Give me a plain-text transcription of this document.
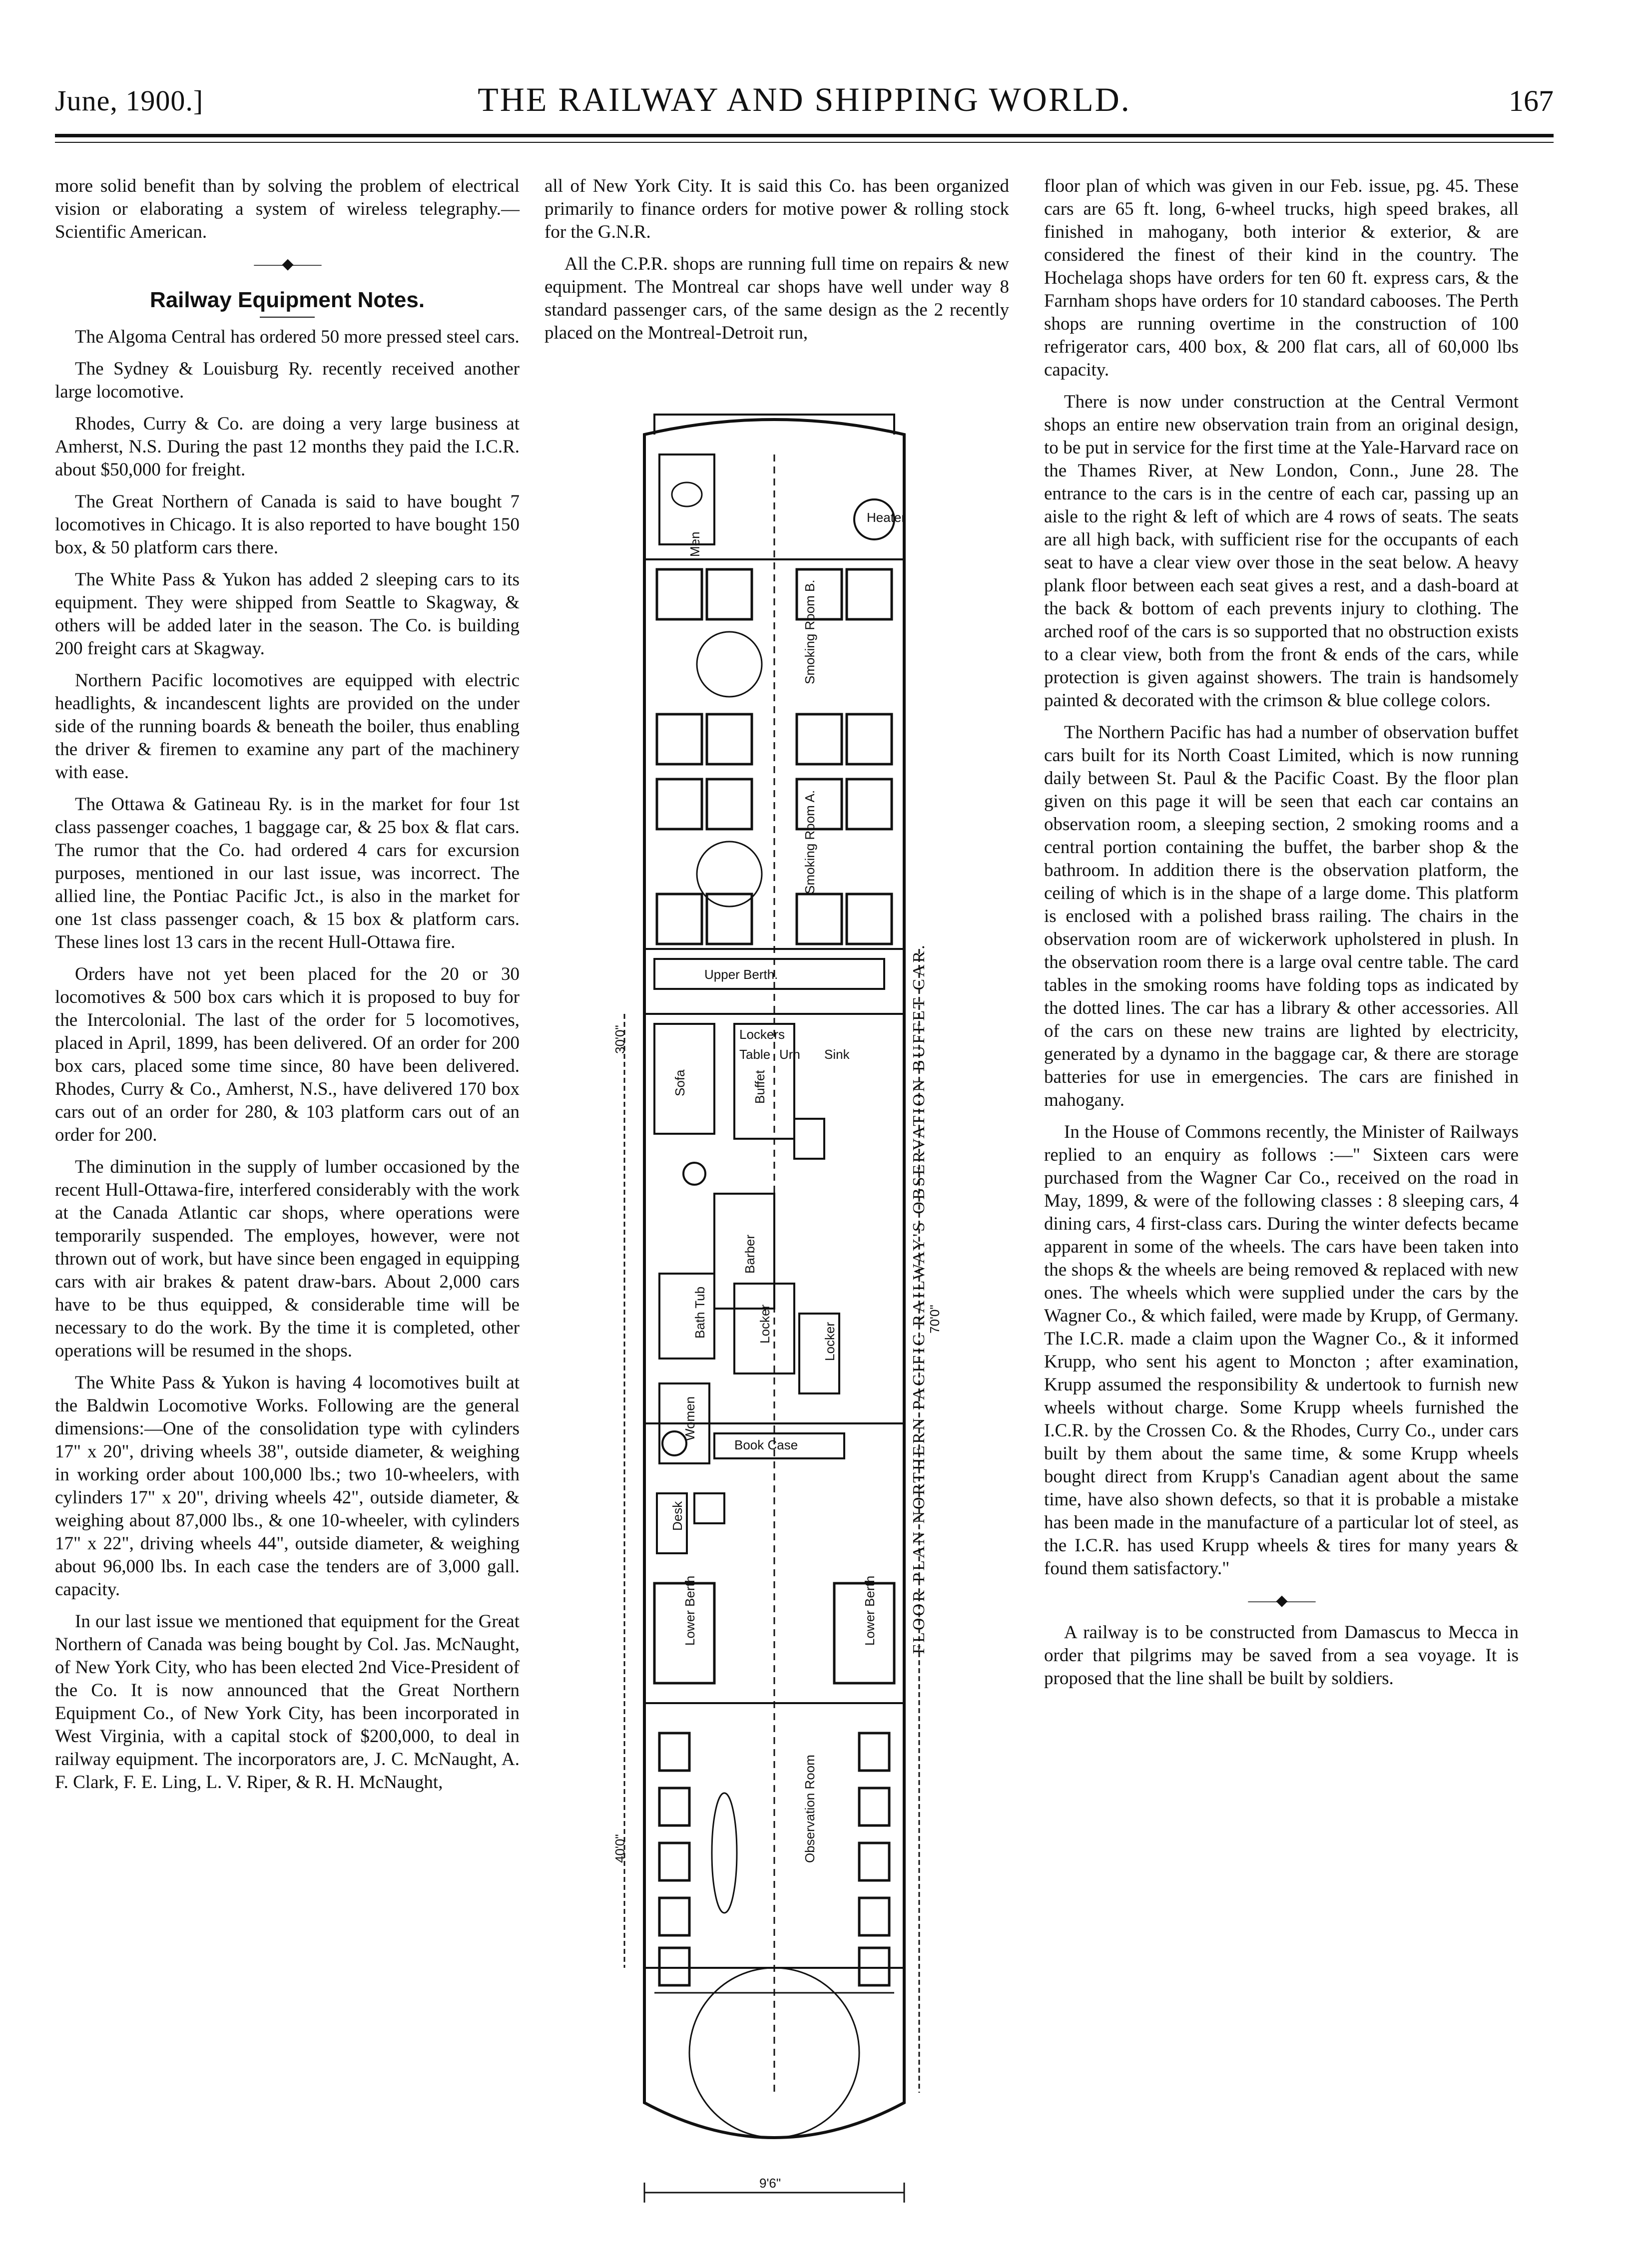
June, 1900.]	THE RAILWAY AND SHIPPING WORLD.	167

more solid benefit than by solving the problem of electrical vision or elaborating a system of wireless telegraphy.—Scientific American.

——◆——
Railway Equipment Notes.

The Algoma Central has ordered 50 more pressed steel cars.

The Sydney & Louisburg Ry. recently received another large locomotive.

Rhodes, Curry & Co. are doing a very large business at Amherst, N.S. During the past 12 months they paid the I.C.R. about $50,000 for freight.

The Great Northern of Canada is said to have bought 7 locomotives in Chicago. It is also reported to have bought 150 box, & 50 platform cars there.

The White Pass & Yukon has added 2 sleeping cars to its equipment. They were shipped from Seattle to Skagway, & others will be added later in the season. The Co. is building 200 freight cars at Skagway.

Northern Pacific locomotives are equipped with electric headlights, & incandescent lights are provided on the under side of the running boards & beneath the boiler, thus enabling the driver & firemen to examine any part of the machinery with ease.

The Ottawa & Gatineau Ry. is in the market for four 1st class passenger coaches, 1 baggage car, & 25 box & flat cars. The rumor that the Co. had ordered 4 cars for excursion purposes, mentioned in our last issue, was incorrect. The allied line, the Pontiac Pacific Jct., is also in the market for one 1st class passenger coach, & 15 box & platform cars. These lines lost 13 cars in the recent Hull-Ottawa fire.

Orders have not yet been placed for the 20 or 30 locomotives & 500 box cars which it is proposed to buy for the Intercolonial. The last of the order for 5 locomotives, placed in April, 1899, has been delivered. Of an order for 200 box cars, placed some time since, 80 have been delivered. Rhodes, Curry & Co., Amherst, N.S., have delivered 170 box cars out of an order for 280, & 103 platform cars out of an order for 200.

The diminution in the supply of lumber occasioned by the recent Hull-Ottawa-fire, interfered considerably with the work at the Canada Atlantic car shops, where operations were temporarily suspended. The employes, however, were not thrown out of work, but have since been engaged in equipping cars with air brakes & patent draw-bars. About 2,000 cars have to be thus equipped, & considerable time will be necessary to do the work. By the time it is completed, other operations will be resumed in the shops.

The White Pass & Yukon is having 4 locomotives built at the Baldwin Locomotive Works. Following are the general dimensions:—One of the consolidation type with cylinders 17" x 20", driving wheels 38", outside diameter, & weighing in working order about 100,000 lbs.; two 10-wheelers, with cylinders 17" x 20", driving wheels 42", outside diameter, & weighing about 87,000 lbs., & one 10-wheeler, with cylinders 17" x 22", driving wheels 44", outside diameter, & weighing about 96,000 lbs. In each case the tenders are of 3,000 gall. capacity.

In our last issue we mentioned that equipment for the Great Northern of Canada was being bought by Col. Jas. McNaught, of New York City, who has been elected 2nd Vice-President of the Co. It is now announced that the Great Northern Equipment Co., of New York City, has been incorporated in West Virginia, with a capital stock of $200,000, to deal in railway equipment. The incorporators are, J. C. McNaught, A. F. Clark, F. E. Ling, L. V. Riper, & R. H. McNaught,

all of New York City. It is said this Co. has been organized primarily to finance orders for motive power & rolling stock for the G.N.R.

All the C.P.R. shops are running full time on repairs & new equipment. The Montreal car shops have well under way 8 standard passenger cars, of the same design as the 2 recently placed on the Montreal-Detroit run,

Heater
Men
Smoking Room B.
Smoking Room A.
Upper Berth.
Lockers
Table Urn Sink
Sofa	Buffet
Barber
Bath Tub
Locker
Locker
Women
Book Case
Desk
Lower Berth	Lower Berth
Observation Room
70'0"
30'0"
40'0"
9'6"
FLOOR PLAN NORTHERN PACIFIC RAILWAY'S OBSERVATION BUFFET CAR.

floor plan of which was given in our Feb. issue, pg. 45. These cars are 65 ft. long, 6-wheel trucks, high speed brakes, all finished in mahogany, both interior & exterior, & are considered the finest of their kind in the country. The Hochelaga shops have orders for ten 60 ft. express cars, & the Farnham shops have orders for 10 standard cabooses. The Perth shops are running overtime in the construction of 100 refrigerator cars, 400 box, & 200 flat cars, all of 60,000 lbs capacity.

There is now under construction at the Central Vermont shops an entire new observation train from an original design, to be put in service for the first time at the Yale-Harvard race on the Thames River, at New London, Conn., June 28. The entrance to the cars is in the centre of each car, passing up an aisle to the right & left of which are 4 rows of seats. The seats are all high back, with sufficient rise for the occupants of each seat to have a clear view over those in the seat below. A heavy plank floor between each seat gives a rest, and a dash-board at the back & bottom of each prevents injury to clothing. The arched roof of the cars is so supported that no obstruction exists to a clear view, both from the front & ends of the cars, while protection is given against showers. The train is handsomely painted & decorated with the crimson & blue college colors.

The Northern Pacific has had a number of observation buffet cars built for its North Coast Limited, which is now running daily between St. Paul & the Pacific Coast. By the floor plan given on this page it will be seen that each car contains an observation room, a sleeping section, 2 smoking rooms and a central portion containing the buffet, the barber shop & the bathroom. In addition there is the observation platform, the ceiling of which is in the shape of a large dome. This platform is enclosed with a polished brass railing. The chairs in the observation room are of wickerwork upholstered in plush. In the observation room there is a large oval centre table. The card tables in the smoking rooms have folding tops as indicated by the dotted lines. The car has a library & other accessories. All of the cars on these new trains are lighted by electricity, generated by a dynamo in the baggage car, & there are storage batteries for use in emergencies. The cars are finished in mahogany.

In the House of Commons recently, the Minister of Railways replied to an enquiry as follows :—" Sixteen cars were purchased from the Wagner Car Co., received on the road in May, 1899, & were of the following classes : 8 sleeping cars, 4 dining cars, 4 first-class cars. During the winter defects became apparent in some of the wheels. The cars have been taken into the shops & the wheels are being removed & replaced with new ones. The wheels which were supplied under the cars by the Wagner Co., & which failed, were made by Krupp, of Germany. The I.C.R. made a claim upon the Wagner Co., & it informed Krupp, who sent his agent to Moncton ; after examination, Krupp assumed the responsibility & undertook to furnish new wheels without charge. Some Krupp wheels furnished the I.C.R. by the Crossen Co. & the Rhodes, Curry Co., under cars built by them about the same time, & some Krupp wheels bought direct from Krupp's Canadian agent about the same time, have also shown defects, so that it is probable a mistake has been made in the manufacture of a particular lot of steel, as the I.C.R. has used Krupp wheels & tires for many years & found them satisfactory."

——◆——

A railway is to be constructed from Damascus to Mecca in order that pilgrims may be saved from a sea voyage. It is proposed that the line shall be built by soldiers.
